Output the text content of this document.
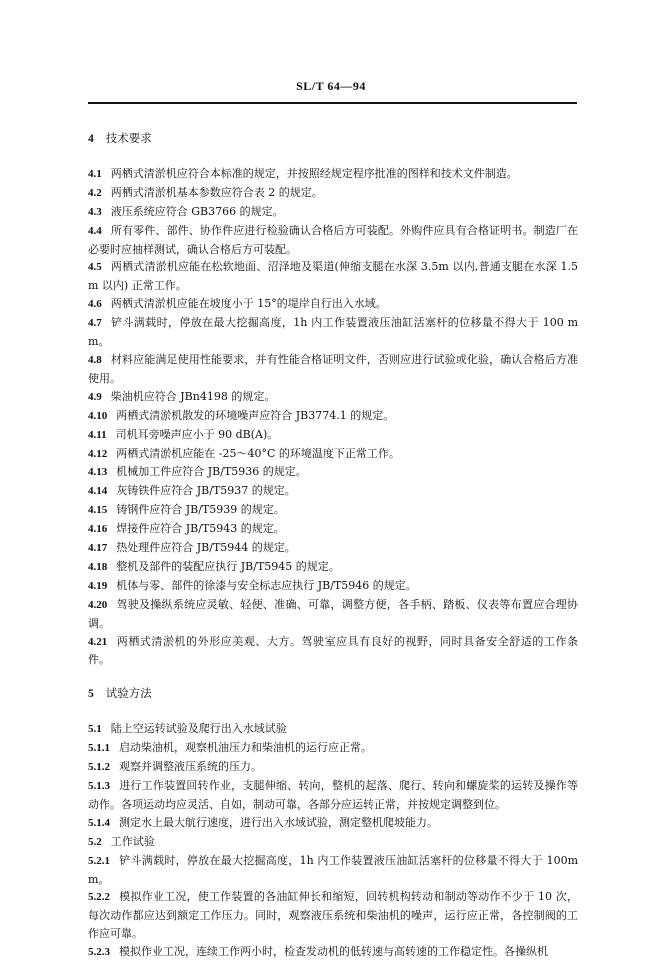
SL/T 64—94

4 技术要求

4.1 两栖式清淤机应符合本标准的规定，并按照经规定程序批准的图样和技术文件制造。

4.2 两栖式清淤机基本参数应符合表 2 的规定。

4.3 液压系统应符合 GB3766 的规定。

4.4 所有零件、部件、协作件应进行检验确认合格后方可装配。外购件应具有合格证明书。制造厂在必要时应抽样测试，确认合格后方可装配。

4.5 两栖式清淤机应能在松软地面、沼泽地及渠道(伸缩支腿在水深 3.5m 以内,普通支腿在水深 1.5m 以内) 正常工作。

4.6 两栖式清淤机应能在坡度小于 15°的堤岸自行出入水域。

4.7 铲斗满载时，停放在最大挖掘高度，1h 内工作装置液压油缸活塞杆的位移量不得大于 100 mm。

4.8 材料应能满足使用性能要求，并有性能合格证明文件，否则应进行试验或化验，确认合格后方准使用。

4.9 柴油机应符合 JBn4198 的规定。

4.10 两栖式清淤机散发的环境噪声应符合 JB3774.1 的规定。

4.11 司机耳旁噪声应小于 90 dB(A)。

4.12 两栖式清淤机应能在 -25～40°C 的环境温度下正常工作。

4.13 机械加工件应符合 JB/T5936 的规定。

4.14 灰铸铁件应符合 JB/T5937 的规定。

4.15 铸钢件应符合 JB/T5939 的规定。

4.16 焊接件应符合 JB/T5943 的规定。

4.17 热处理件应符合 JB/T5944 的规定。

4.18 整机及部件的装配应执行 JB/T5945 的规定。

4.19 机体与零、部件的徐漆与安全标志应执行 JB/T5946 的规定。

4.20 驾驶及操纵系统应灵敏、轻便、准确、可靠，调整方便，各手柄、踏板、仪表等布置应合理协调。

4.21 两栖式清淤机的外形应美观、大方。驾驶室应具有良好的视野，同时具备安全舒适的工作条件。

5 试验方法

5.1 陆上空运转试验及爬行出入水域试验

5.1.1 启动柴油机，观察机油压力和柴油机的运行应正常。

5.1.2 观察并调整液压系统的压力。

5.1.3 进行工作装置回转作业，支腿伸缩、转向，整机的起落、爬行、转向和螺旋桨的运转及操作等动作。各项运动均应灵活、自如，制动可靠，各部分应运转正常，并按规定调整到位。

5.1.4 测定水上最大航行速度，进行出入水域试验，测定整机爬坡能力。

5.2 工作试验

5.2.1 铲斗满载时，停放在最大挖掘高度，1h 内工作装置液压油缸活塞杆的位移量不得大于 100mm。

5.2.2 模拟作业工况，使工作装置的各油缸伸长和缩短，回转机构转动和制动等动作不少于 10 次，每次动作都应达到额定工作压力。同时，观察液压系统和柴油机的噪声，运行应正常，各控制阀的工作应可靠。

5.2.3 模拟作业工况，连续工作两小时，检查发动机的低转速与高转速的工作稳定性。各操纵机
